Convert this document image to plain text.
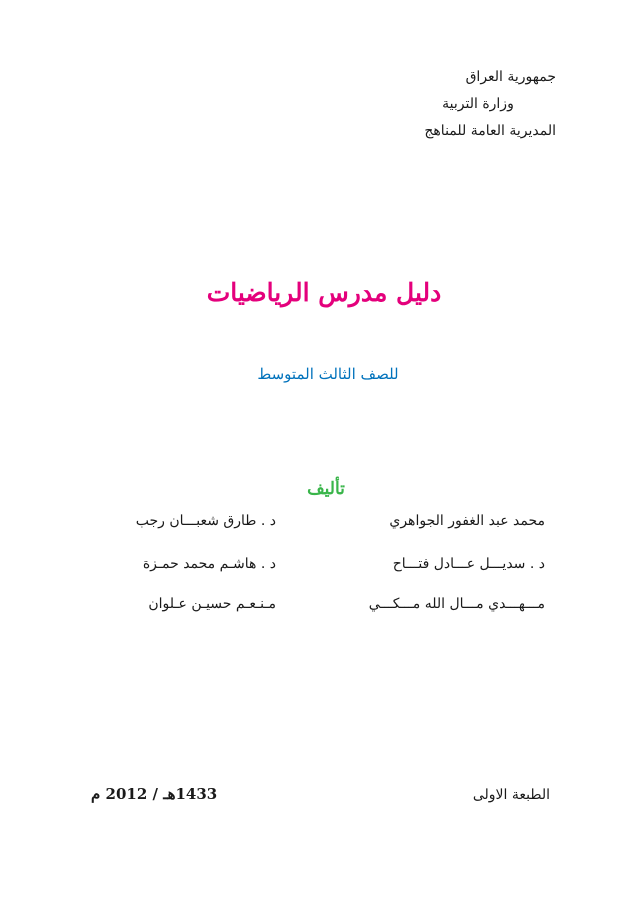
جمهورية العراق
وزارة التربية
المديرية العامة للمناهج
دليل مدرس الرياضيات
للصف الثالث المتوسط
تأليف
محمد عبد الغفور الجواهري
د . سديـــل عـــادل فتـــاح
مـــهـــدي مـــال الله مـــكـــي
د . طارق شعبـــان رجب
د . هاشـم محمد حمـزة
مـنـعـم حسيـن عـلوان
الطبعة الاولى
1433هـ / 2012 م
